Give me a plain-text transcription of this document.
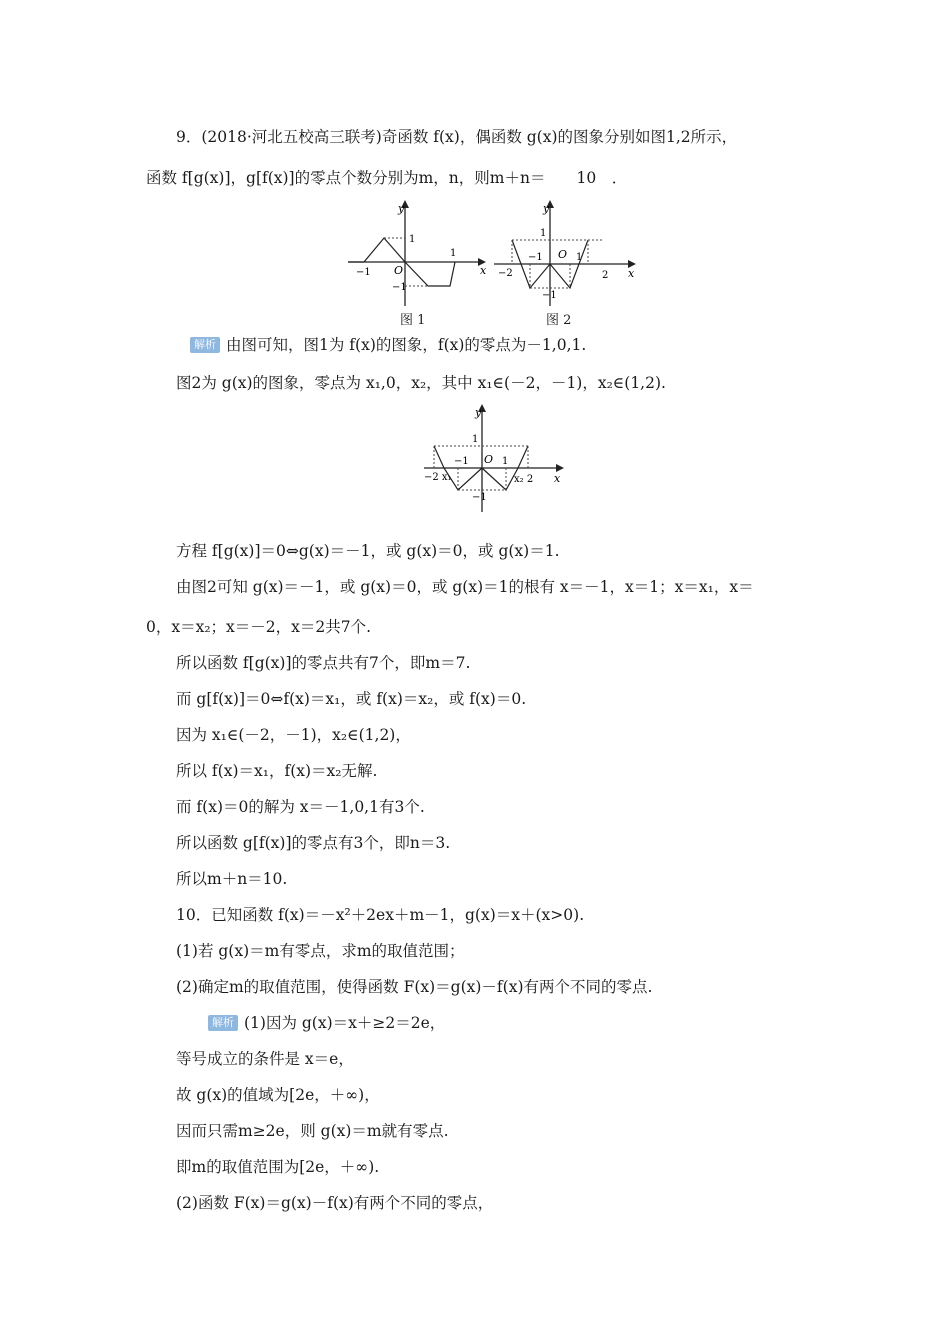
9．(2018·河北五校高三联考)奇函数 f(x)，偶函数 g(x)的图象分别如图1,2所示，
函数 f[g(x)]，g[f(x)]的零点个数分别为m，n，则m＋n＝　　10　．
y
x
O
1
−1
−1
1
图 1
y
x
O
1
−2
−1	1
2
−1
图 2
解析 由图可知，图1为 f(x)的图象，f(x)的零点为－1,0,1.
图2为 g(x)的图象，零点为 x₁,0，x₂，其中 x₁∈(－2，－1)，x₂∈(1,2).
y
x
O
1
−2 x₁
−1	1
x₂ 2
−1
方程 f[g(x)]＝0⇔g(x)＝－1，或 g(x)＝0，或 g(x)＝1.
由图2可知 g(x)＝－1，或 g(x)＝0，或 g(x)＝1的根有 x＝－1，x＝1；x＝x₁，x＝
0，x＝x₂；x＝－2，x＝2共7个.
所以函数 f[g(x)]的零点共有7个，即m＝7.
而 g[f(x)]＝0⇔f(x)＝x₁，或 f(x)＝x₂，或 f(x)＝0.
因为 x₁∈(－2，－1)，x₂∈(1,2)，
所以 f(x)＝x₁，f(x)＝x₂无解.
而 f(x)＝0的解为 x＝－1,0,1有3个.
所以函数 g[f(x)]的零点有3个，即n＝3.
所以m＋n＝10.
10．已知函数 f(x)＝－x²＋2ex＋m－1，g(x)＝x＋(x>0).
(1)若 g(x)＝m有零点，求m的取值范围；
(2)确定m的取值范围，使得函数 F(x)＝g(x)－f(x)有两个不同的零点.
解析 (1)因为 g(x)＝x＋≥2＝2e，
等号成立的条件是 x＝e，
故 g(x)的值域为[2e，＋∞)，
因而只需m≥2e，则 g(x)＝m就有零点.
即m的取值范围为[2e，＋∞).
(2)函数 F(x)＝g(x)－f(x)有两个不同的零点，
